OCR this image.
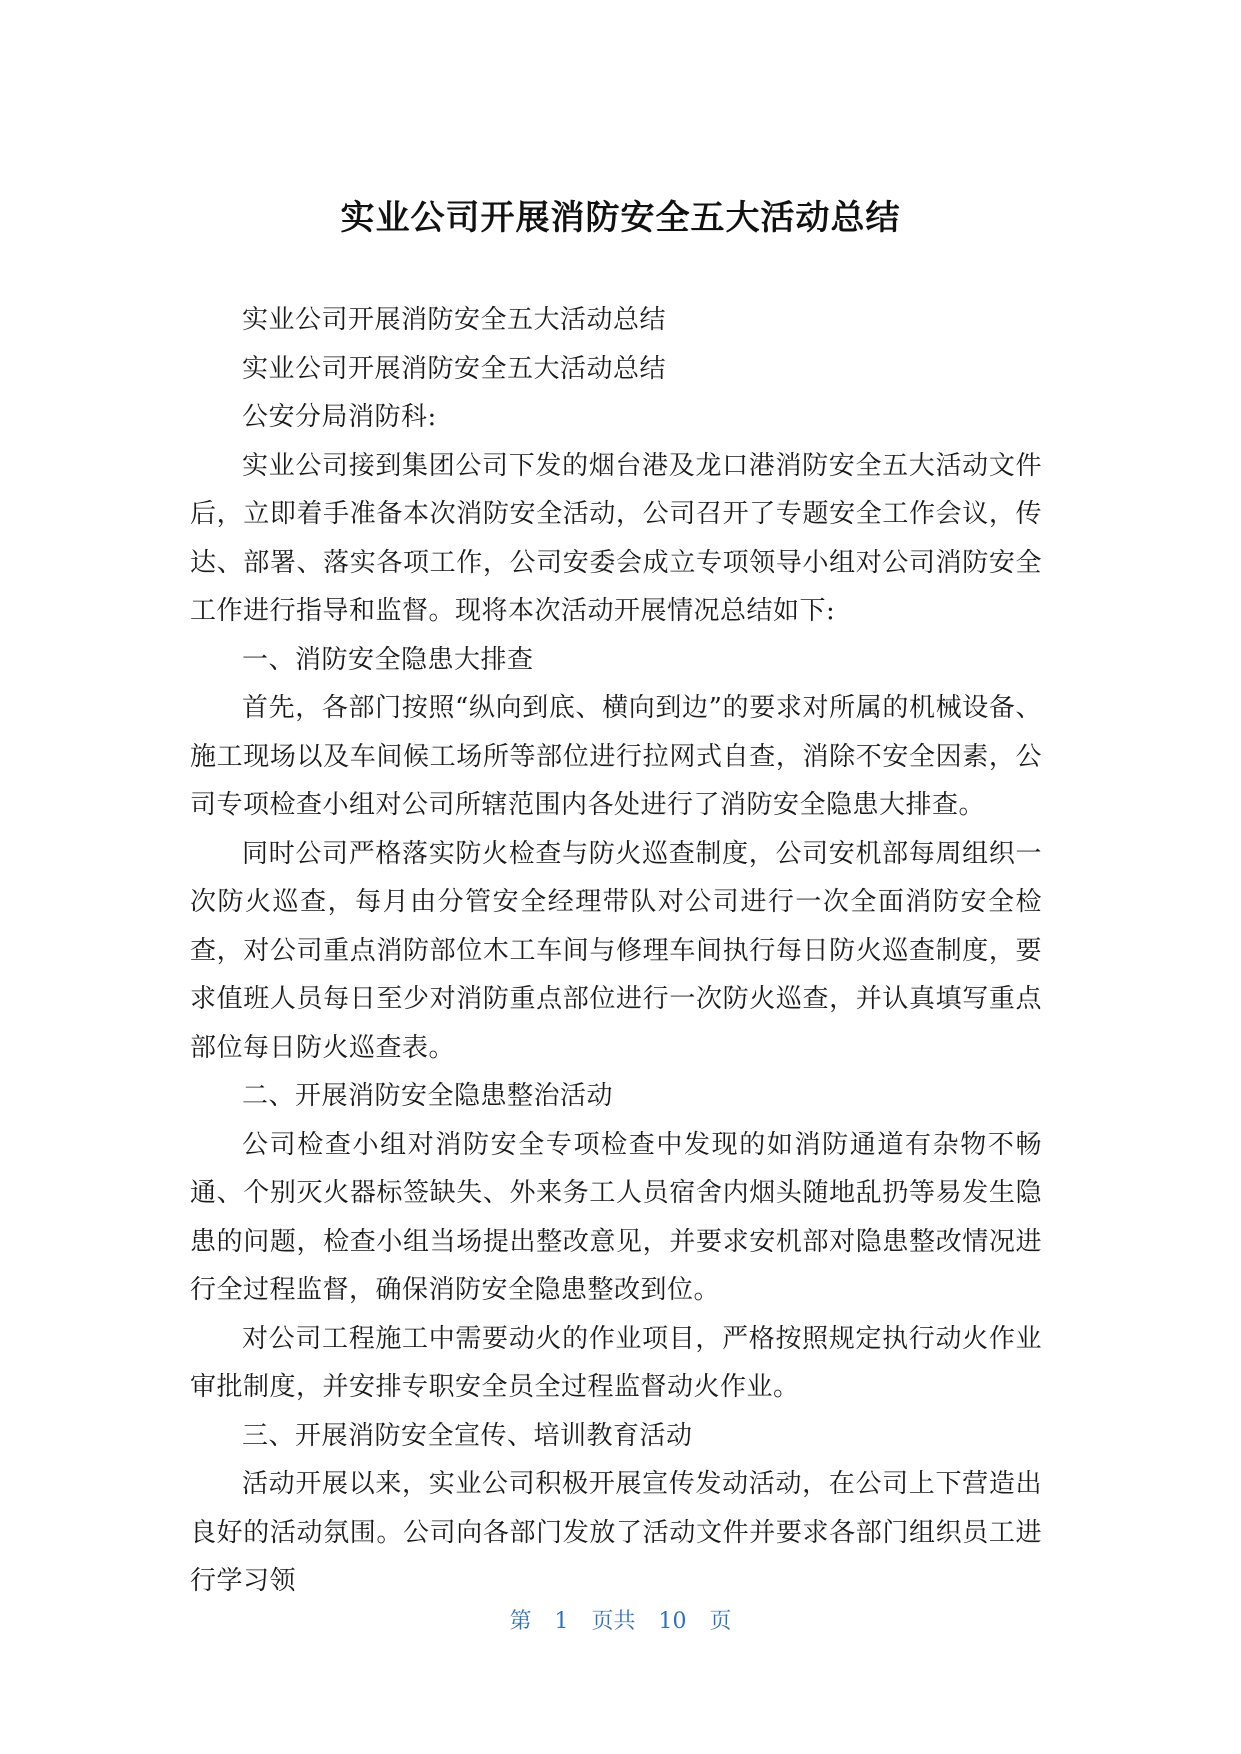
实业公司开展消防安全五大活动总结

实业公司开展消防安全五大活动总结

实业公司开展消防安全五大活动总结

公安分局消防科:

实业公司接到集团公司下发的烟台港及龙口港消防安全五大活动文件后，立即着手准备本次消防安全活动，公司召开了专题安全工作会议，传达、部署、落实各项工作，公司安委会成立专项领导小组对公司消防安全工作进行指导和监督。现将本次活动开展情况总结如下:

一、消防安全隐患大排查

首先，各部门按照“纵向到底、横向到边”的要求对所属的机械设备、施工现场以及车间候工场所等部位进行拉网式自查，消除不安全因素，公司专项检查小组对公司所辖范围内各处进行了消防安全隐患大排查。

同时公司严格落实防火检查与防火巡查制度，公司安机部每周组织一次防火巡查，每月由分管安全经理带队对公司进行一次全面消防安全检查，对公司重点消防部位木工车间与修理车间执行每日防火巡查制度，要求值班人员每日至少对消防重点部位进行一次防火巡查，并认真填写重点部位每日防火巡查表。

二、开展消防安全隐患整治活动

公司检查小组对消防安全专项检查中发现的如消防通道有杂物不畅通、个别灭火器标签缺失、外来务工人员宿舍内烟头随地乱扔等易发生隐患的问题，检查小组当场提出整改意见，并要求安机部对隐患整改情况进行全过程监督，确保消防安全隐患整改到位。

对公司工程施工中需要动火的作业项目，严格按照规定执行动火作业审批制度，并安排专职安全员全过程监督动火作业。

三、开展消防安全宣传、培训教育活动

活动开展以来，实业公司积极开展宣传发动活动，在公司上下营造出良好的活动氛围。公司向各部门发放了活动文件并要求各部门组织员工进行学习领

第 1 页共 10 页
